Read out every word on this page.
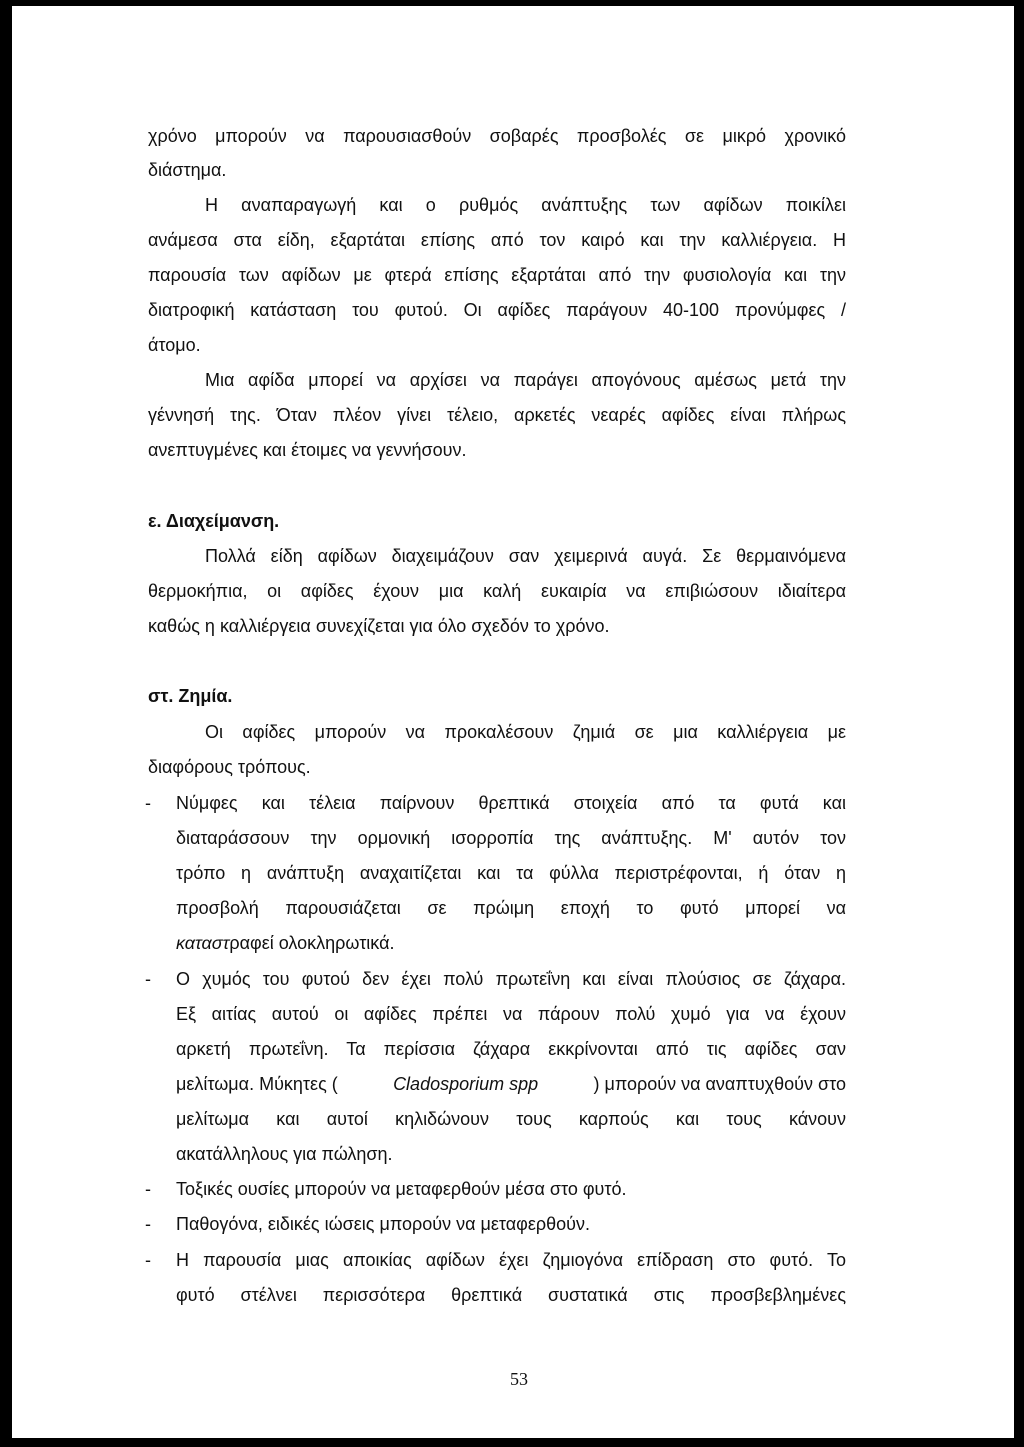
χρόνο μπορούν να παρουσιασθούν σοβαρές προσβολές σε μικρό χρονικό
διάστημα.
Η αναπαραγωγή και ο ρυθμός ανάπτυξης των αφίδων ποικίλει
ανάμεσα στα είδη, εξαρτάται επίσης από τον καιρό και την καλλιέργεια. Η
παρουσία των αφίδων με φτερά επίσης εξαρτάται από την φυσιολογία και την
διατροφική κατάσταση του φυτού. Οι αφίδες παράγουν 40-100 προνύμφες /
άτομο.
Μια αφίδα μπορεί να αρχίσει να παράγει απογόνους αμέσως μετά την
γέννησή της. Όταν πλέον γίνει τέλειο, αρκετές νεαρές αφίδες είναι πλήρως
ανεπτυγμένες και έτοιμες να γεννήσουν.
ε. Διαχείμανση.
Πολλά είδη αφίδων διαχειμάζουν σαν χειμερινά αυγά. Σε θερμαινόμενα
θερμοκήπια, οι αφίδες έχουν μια καλή ευκαιρία να επιβιώσουν ιδιαίτερα
καθώς η καλλιέργεια συνεχίζεται για όλο σχεδόν το χρόνο.
στ. Ζημία.
Οι αφίδες μπορούν να προκαλέσουν ζημιά σε μια καλλιέργεια με
διαφόρους τρόπους.
- Νύμφες και τέλεια παίρνουν θρεπτικά στοιχεία από τα φυτά και
διαταράσσουν την ορμονική ισορροπία της ανάπτυξης. Μ' αυτόν τον
τρόπο η ανάπτυξη αναχαιτίζεται και τα φύλλα περιστρέφονται, ή όταν η
προσβολή παρουσιάζεται σε πρώιμη εποχή το φυτό μπορεί να
καταστραφεί ολοκληρωτικά.
- Ο χυμός του φυτού δεν έχει πολύ πρωτεΐνη και είναι πλούσιος σε ζάχαρα.
Εξ αιτίας αυτού οι αφίδες πρέπει να πάρουν πολύ χυμό για να έχουν
αρκετή πρωτεΐνη. Τα περίσσια ζάχαρα εκκρίνονται από τις αφίδες σαν
μελίτωμα. Μύκητες (	Cladosporium spp	) μπορούν να αναπτυχθούν στο
μελίτωμα και αυτοί κηλιδώνουν τους καρπούς και τους κάνουν
ακατάλληλους για πώληση.
- Τοξικές ουσίες μπορούν να μεταφερθούν μέσα στο φυτό.
- Παθογόνα, ειδικές ιώσεις μπορούν να μεταφερθούν.
- Η παρουσία μιας αποικίας αφίδων έχει ζημιογόνα επίδραση στο φυτό. Το
φυτό στέλνει περισσότερα θρεπτικά συστατικά στις προσβεβλημένες
53
